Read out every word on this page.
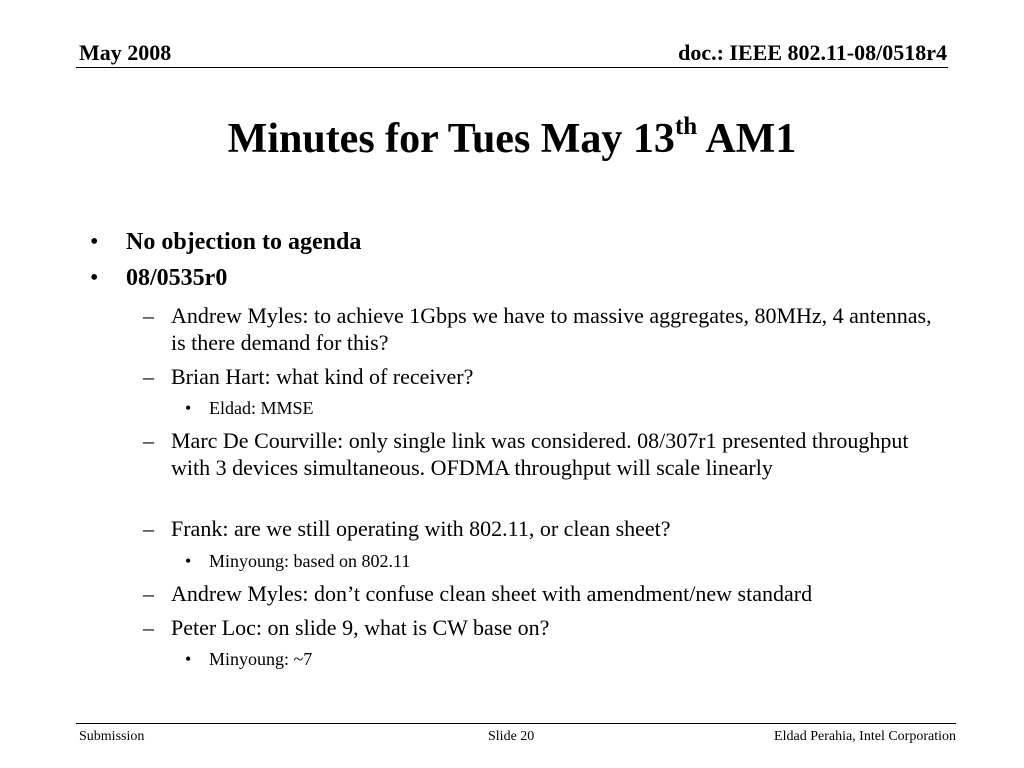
May 2008	doc.: IEEE 802.11-08/0518r4
Minutes for Tues May 13th AM1
• No objection to agenda
• 08/0535r0
– Andrew Myles: to achieve 1Gbps we have to massive aggregates, 80MHz, 4 antennas, is there demand for this?
– Brian Hart: what kind of receiver?
• Eldad: MMSE
– Marc De Courville: only single link was considered. 08/307r1 presented throughput with 3 devices simultaneous. OFDMA throughput will scale linearly
– Frank: are we still operating with 802.11, or clean sheet?
• Minyoung: based on 802.11
– Andrew Myles: don’t confuse clean sheet with amendment/new standard
– Peter Loc: on slide 9, what is CW base on?
• Minyoung: ~7
Submission	Slide 20	Eldad Perahia, Intel Corporation
